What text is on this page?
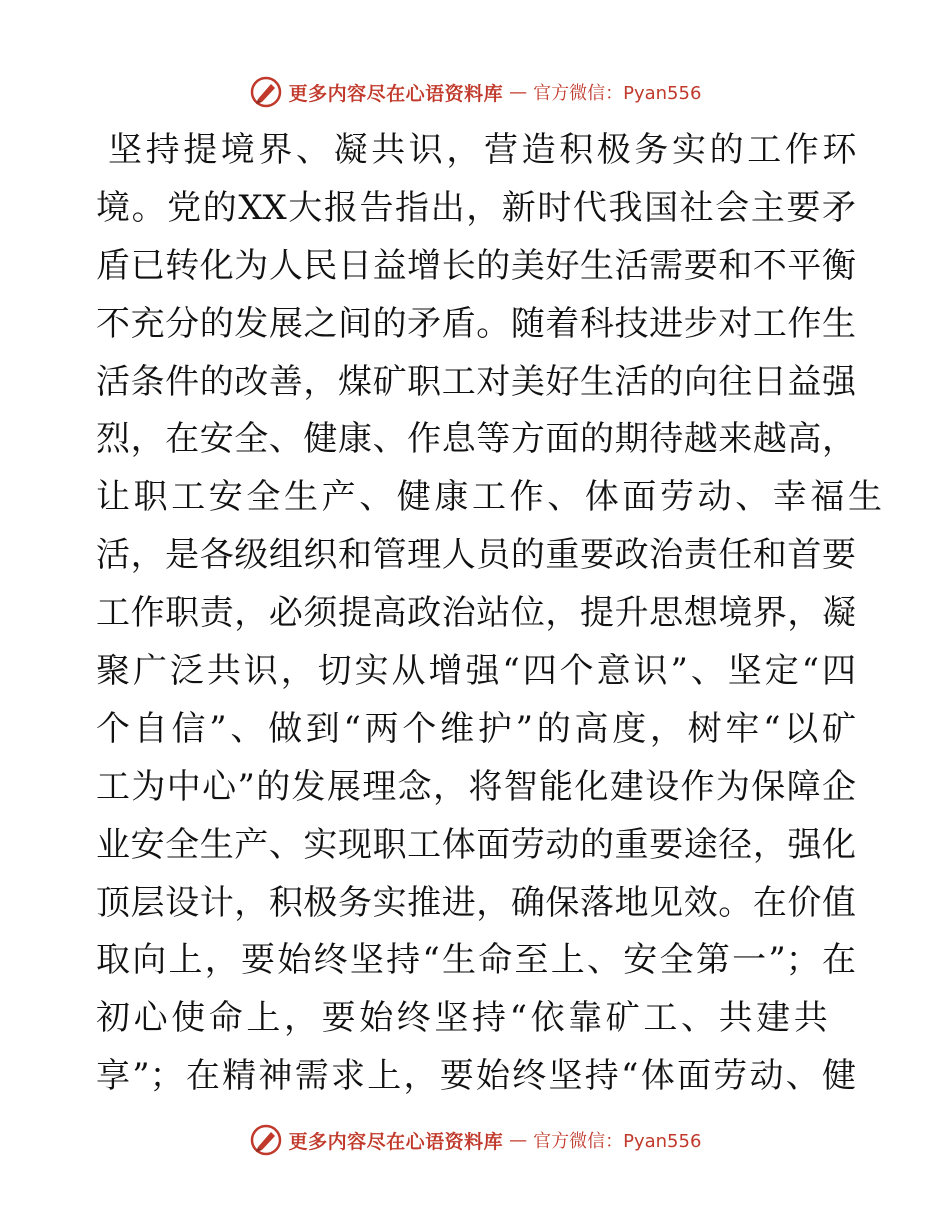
更多内容尽在心语资料库 — 官方微信：Pyan556
坚持提境界、凝共识，营造积极务实的工作环
境。党的XX大报告指出，新时代我国社会主要矛
盾已转化为人民日益增长的美好生活需要和不平衡
不充分的发展之间的矛盾。随着科技进步对工作生
活条件的改善，煤矿职工对美好生活的向往日益强
烈，在安全、健康、作息等方面的期待越来越高，
让职工安全生产、健康工作、体面劳动、幸福生
活，是各级组织和管理人员的重要政治责任和首要
工作职责，必须提高政治站位，提升思想境界，凝
聚广泛共识，切实从增强“四个意识”、坚定“四
个自信”、做到“两个维护”的高度，树牢“以矿
工为中心”的发展理念，将智能化建设作为保障企
业安全生产、实现职工体面劳动的重要途径，强化
顶层设计，积极务实推进，确保落地见效。在价值
取向上，要始终坚持“生命至上、安全第一”；在
初心使命上，要始终坚持“依靠矿工、共建共
享”；在精神需求上，要始终坚持“体面劳动、健
更多内容尽在心语资料库 — 官方微信：Pyan556
